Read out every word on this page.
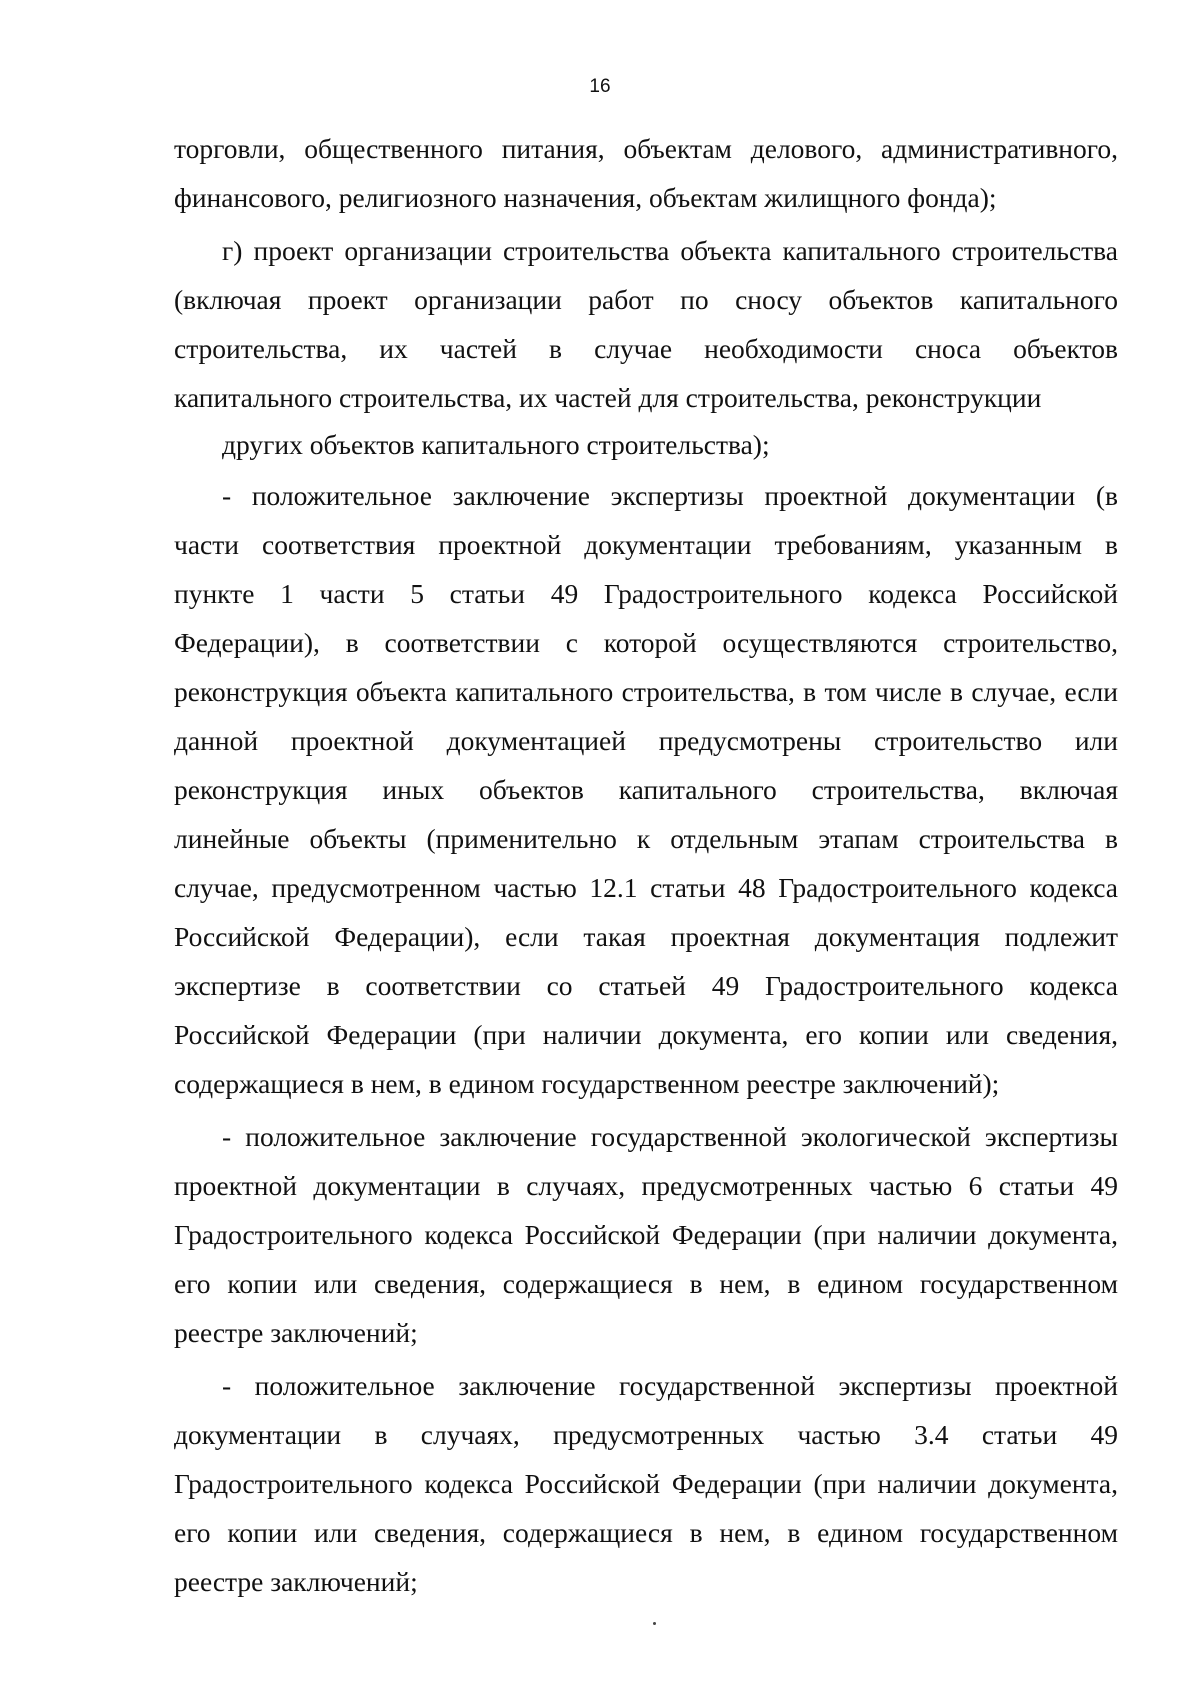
16
торговли, общественного питания, объектам делового, административного,
финансового, религиозного назначения, объектам жилищного фонда);
г) проект организации строительства объекта капитального строительства
(включая проект организации работ по сносу объектов капитального
строительства, их частей в случае необходимости сноса объектов
капитального строительства, их частей для строительства, реконструкции
других объектов капитального строительства);
- положительное заключение экспертизы проектной документации (в
части соответствия проектной документации требованиям, указанным в
пункте 1 части 5 статьи 49 Градостроительного кодекса Российской
Федерации), в соответствии с которой осуществляются строительство,
реконструкция объекта капитального строительства, в том числе в случае, если
данной проектной документацией предусмотрены строительство или
реконструкция иных объектов капитального строительства, включая
линейные объекты (применительно к отдельным этапам строительства в
случае, предусмотренном частью 12.1 статьи 48 Градостроительного кодекса
Российской Федерации), если такая проектная документация подлежит
экспертизе в соответствии со статьей 49 Градостроительного кодекса
Российской Федерации (при наличии документа, его копии или сведения,
содержащиеся в нем, в едином государственном реестре заключений);
- положительное заключение государственной экологической экспертизы
проектной документации в случаях, предусмотренных частью 6 статьи 49
Градостроительного кодекса Российской Федерации (при наличии документа,
его копии или сведения, содержащиеся в нем, в едином государственном
реестре заключений;
- положительное заключение государственной экспертизы проектной
документации в случаях, предусмотренных частью 3.4 статьи 49
Градостроительного кодекса Российской Федерации (при наличии документа,
его копии или сведения, содержащиеся в нем, в едином государственном
реестре заключений;
